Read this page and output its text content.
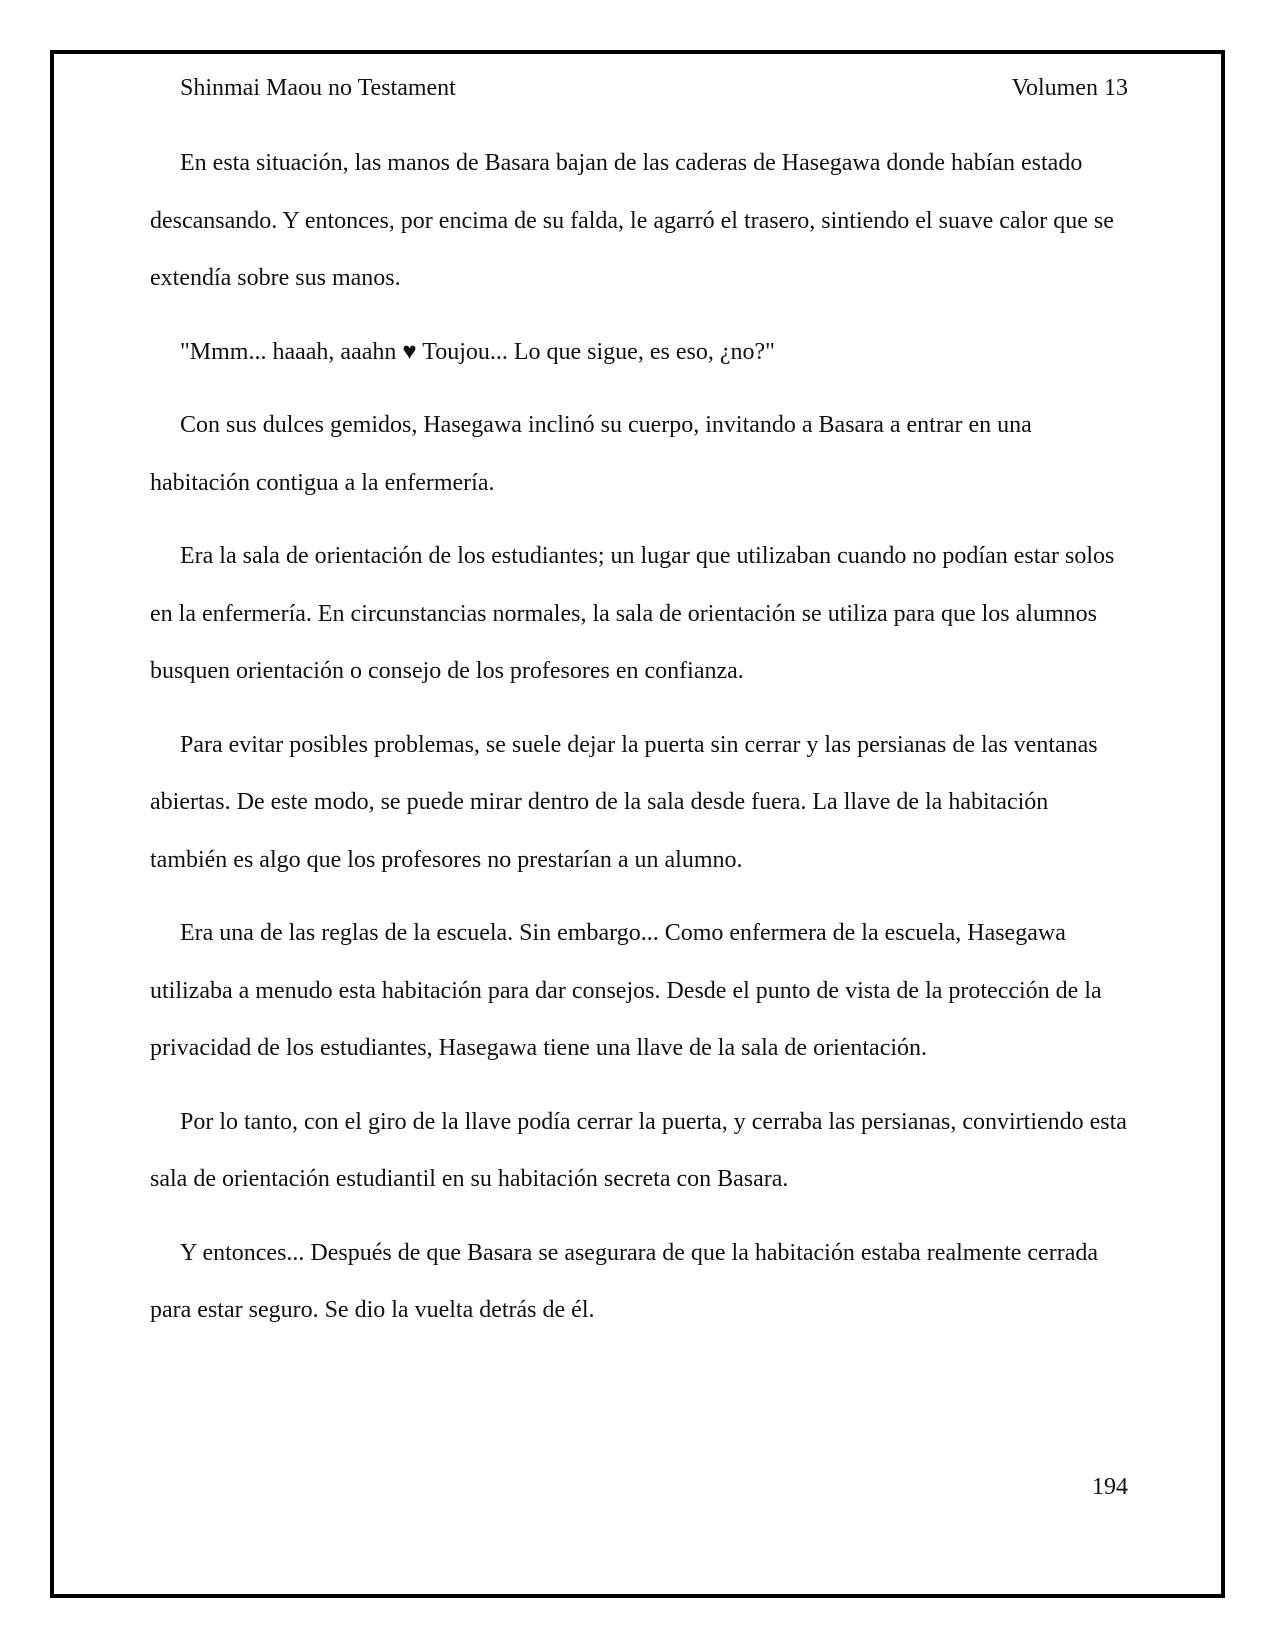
Shinmai Maou no Testament	Volumen 13

En esta situación, las manos de Basara bajan de las caderas de Hasegawa donde habían estado descansando. Y entonces, por encima de su falda, le agarró el trasero, sintiendo el suave calor que se extendía sobre sus manos.

"Mmm... haaah, aaahn ♥ Toujou... Lo que sigue, es eso, ¿no?"

Con sus dulces gemidos, Hasegawa inclinó su cuerpo, invitando a Basara a entrar en una habitación contigua a la enfermería.

Era la sala de orientación de los estudiantes; un lugar que utilizaban cuando no podían estar solos en la enfermería. En circunstancias normales, la sala de orientación se utiliza para que los alumnos busquen orientación o consejo de los profesores en confianza.

Para evitar posibles problemas, se suele dejar la puerta sin cerrar y las persianas de las ventanas abiertas. De este modo, se puede mirar dentro de la sala desde fuera. La llave de la habitación también es algo que los profesores no prestarían a un alumno.

Era una de las reglas de la escuela. Sin embargo... Como enfermera de la escuela, Hasegawa utilizaba a menudo esta habitación para dar consejos. Desde el punto de vista de la protección de la privacidad de los estudiantes, Hasegawa tiene una llave de la sala de orientación.

Por lo tanto, con el giro de la llave podía cerrar la puerta, y cerraba las persianas, convirtiendo esta sala de orientación estudiantil en su habitación secreta con Basara.

Y entonces... Después de que Basara se asegurara de que la habitación estaba realmente cerrada para estar seguro. Se dio la vuelta detrás de él.

194
